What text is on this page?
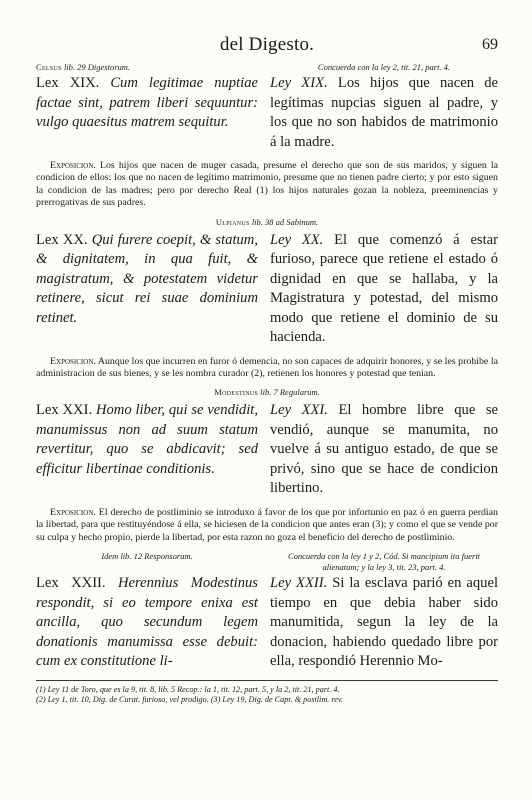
del Digesto.	69
Celsus lib. 29 Digestorum.	Concuerda con la ley 2, tit. 21, part. 4.

Lex XIX. Cum legitimae nuptiae factae sint, patrem liberi sequuntur: vulgo quaesitus matrem sequitur.

Ley XIX. Los hijos que nacen de legítimas nupcias siguen al padre, y los que no son habidos de matrimonio á la madre.

Exposicion. Los hijos que nacen de muger casada, presume el derecho que son de sus maridos, y siguen la condicion de ellos: los que no nacen de legítimo matrimonio, presume que no tienen padre cierto; y por esto siguen la condicion de las madres; pero por derecho Real (1) los hijos naturales gozan la nobleza, preeminencias y prerrogativas de sus padres.

Ulpianus lib. 38 ad Sabinum.

Lex XX. Qui furere coepit, & statum, & dignitatem, in qua fuit, & magistratum, & potestatem videtur retinere, sicut rei suae dominium retinet.

Ley XX. El que comenzó á estar furioso, parece que retiene el estado ó dignidad en que se hallaba, y la Magistratura y potestad, del mismo modo que retiene el dominio de su hacienda.

Exposicion. Aunque los que incurren en furor ó demencia, no son capaces de adquirir honores, y se les prohibe la administracion de sus bienes, y se les nombra curador (2), retienen los honores y potestad que tenian.

Modestinus lib. 7 Regularum.

Lex XXI. Homo liber, qui se vendidit, manumissus non ad suum statum revertitur, quo se abdicavit; sed efficitur libertinae conditionis.

Ley XXI. El hombre libre que se vendió, aunque se manumita, no vuelve á su antiguo estado, de que se privó, sino que se hace de condicion libertino.

Exposicion. El derecho de postliminio se introduxo á favor de los que por infortunio en paz ó en guerra perdian la libertad, para que restituyéndose á ella, se hiciesen de la condicion que antes eran (3); y como el que se vende por su culpa y hecho propio, pierde la libertad, por esta razon no goza el beneficio del derecho de postliminio.

Idem lib. 12 Responsorum.	Concuerda con la ley 1 y 2, Cód. Si mancipium ita fuerit alienatum; y la ley 3, tit. 23, part. 4.

Lex XXII. Herennius Modestinus respondit, si eo tempore enixa est ancilla, quo secundum legem donationis manumissa esse debuit: cum ex constitutione li-

Ley XXII. Si la esclava parió en aquel tiempo en que debia haber sido manumitida, segun la ley de la donacion, habiendo quedado libre por ella, respondió Herennio Mo-

(1) Ley 11 de Toro, que es la 9, tit. 8, lib. 5 Recop.: la 1, tit. 12, part. 5, y la 2, tit. 21, part. 4.
(2) Ley 1, tit. 10, Dig. de Curat. furioso, vel prodigo. (3) Ley 19, Dig. de Capt. & postlim. rev.
